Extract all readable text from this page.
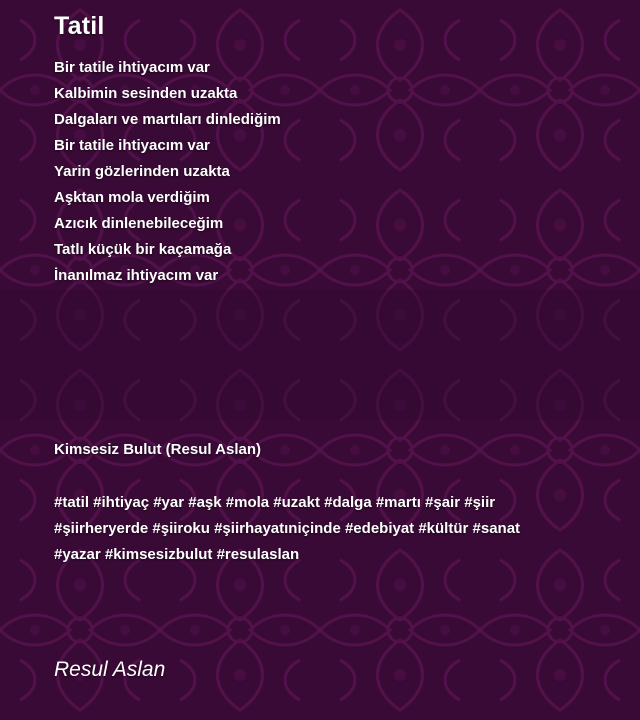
Tatil
Bir tatile ihtiyacım var
Kalbimin sesinden uzakta
Dalgaları ve martıları dinlediğim
Bir tatile ihtiyacım var
Yarin gözlerinden uzakta
Aşktan mola verdiğim
Azıcık dinlenebileceğim
Tatlı küçük bir kaçamağa
İnanılmaz ihtiyacım var
Kimsesiz Bulut (Resul Aslan)
#tatil #ihtiyaç #yar #aşk #mola #uzakt #dalga #martı #şair #şiir
#şiirheryerde #şiiroku #şiirhayatıniçinde #edebiyat #kültür #sanat
#yazar #kimsesizbulut #resulaslan
Resul Aslan
